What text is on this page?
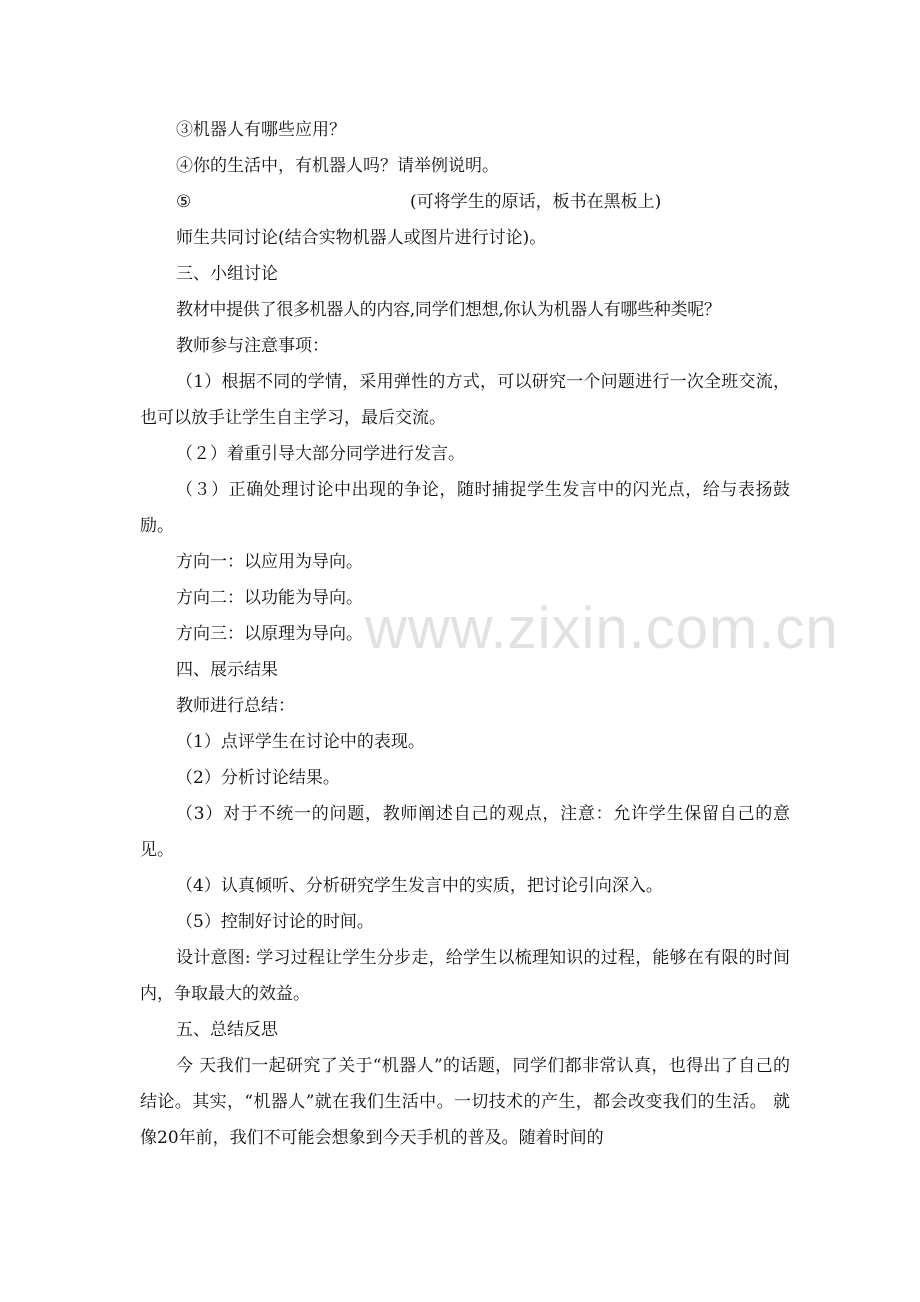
③机器人有哪些应用？

④你的生活中，有机器人吗？请举例说明。

⑤	(可将学生的原话，板书在黑板上)

师生共同讨论(结合实物机器人或图片进行讨论)。

三、小组讨论

教材中提供了很多机器人的内容,同学们想想,你认为机器人有哪些种类呢？

教师参与注意事项：

（1）根据不同的学情，采用弹性的方式，可以研究一个问题进行一次全班交流，也可以放手让学生自主学习，最后交流。

（２）着重引导大部分同学进行发言。

（３）正确处理讨论中出现的争论，随时捕捉学生发言中的闪光点，给与表扬鼓励。

方向一：以应用为导向。

方向二：以功能为导向。

方向三：以原理为导向。

四、展示结果

教师进行总结：

（1）点评学生在讨论中的表现。

（2）分析讨论结果。

（3）对于不统一的问题，教师阐述自己的观点，注意：允许学生保留自己的意见。

（4）认真倾听、分析研究学生发言中的实质，把讨论引向深入。

（5）控制好讨论的时间。

设计意图: 学习过程让学生分步走，给学生以梳理知识的过程，能够在有限的时间内，争取最大的效益。

五、总结反思

今 天我们一起研究了关于“机器人”的话题，同学们都非常认真，也得出了自己的结论。其实，“机器人”就在我们生活中。一切技术的产生，都会改变我们的生活。 就像20年前，我们不可能会想象到今天手机的普及。随着时间的

www.zixin.com.cn
